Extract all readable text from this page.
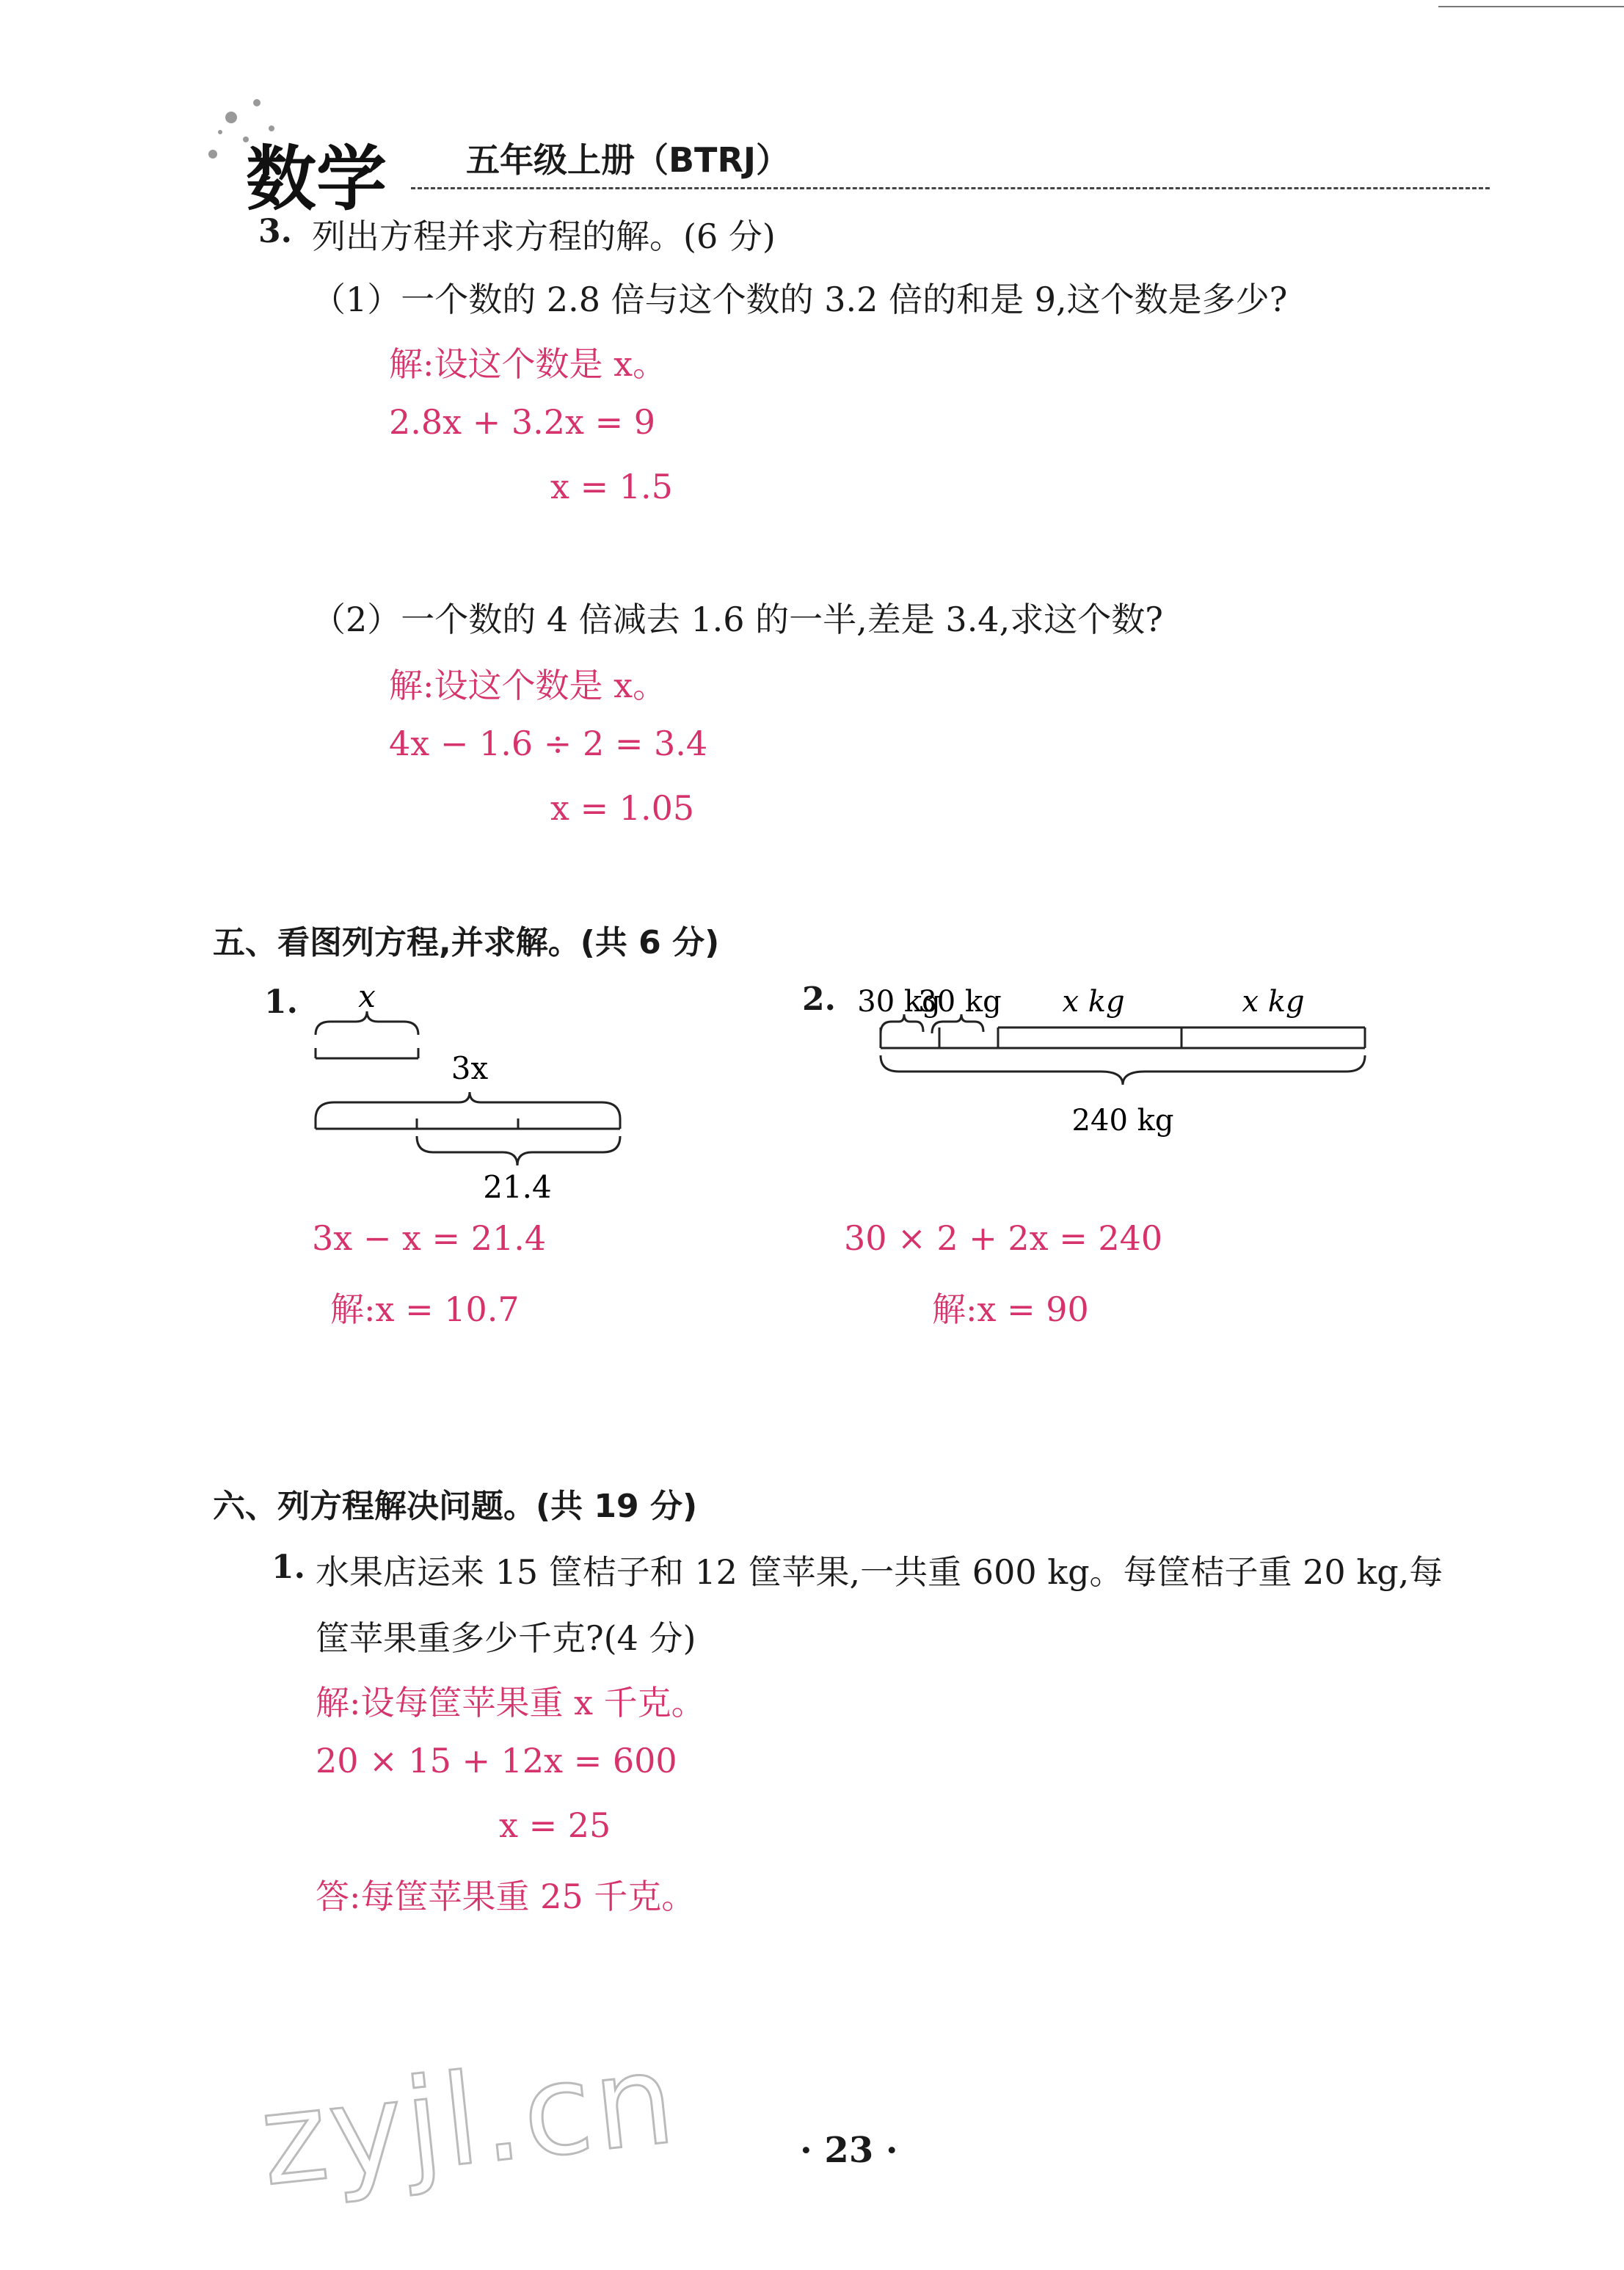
数学 五年级上册（BTRJ）
3. 列出方程并求方程的解。(6 分)
（1）一个数的 2.8 倍与这个数的 3.2 倍的和是 9,这个数是多少?
解:设这个数是 x。
2.8x + 3.2x = 9
x = 1.5
（2）一个数的 4 倍减去 1.6 的一半,差是 3.4,求这个数?
解:设这个数是 x。
4x − 1.6 ÷ 2 = 3.4
x = 1.05
五、看图列方程,并求解。(共 6 分)
1. x
3x
21.4
3x − x = 21.4
解:x = 10.7
2. 30 kg
30 kg x kg	x kg
240 kg
30 × 2 + 2x = 240
解:x = 90
六、列方程解决问题。(共 19 分)
1. 水果店运来 15 筐桔子和 12 筐苹果,一共重 600 kg。每筐桔子重 20 kg,每
筐苹果重多少千克?(4 分)
解:设每筐苹果重 x 千克。
20 × 15 + 12x = 600
x = 25
答:每筐苹果重 25 千克。
zyjl.cn	· 23 ·
